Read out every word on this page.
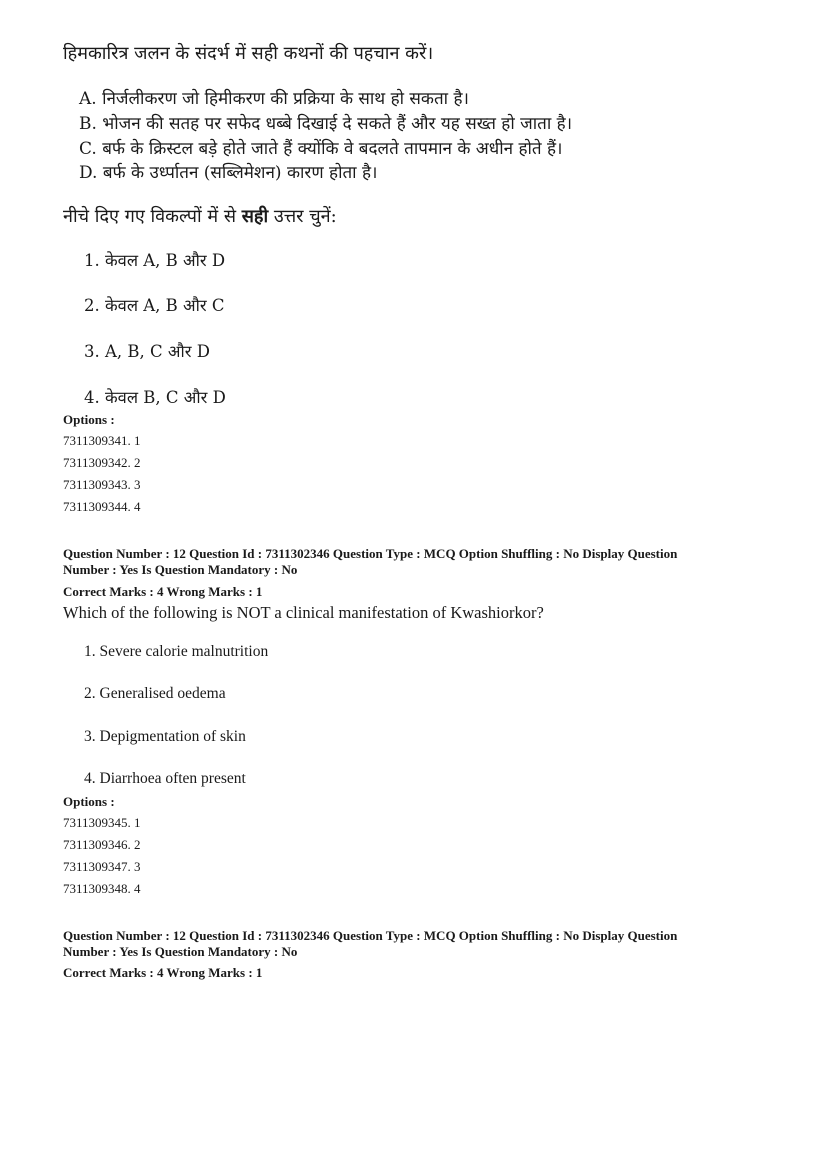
हिमकारित्र जलन के संदर्भ में सही कथनों की पहचान करें।
A. निर्जलीकरण जो हिमीकरण की प्रक्रिया के साथ हो सकता है।
B. भोजन की सतह पर सफेद धब्बे दिखाई दे सकते हैं और यह सख्त हो जाता है।
C. बर्फ के क्रिस्टल बड़े होते जाते हैं क्योंकि वे बदलते तापमान के अधीन होते हैं।
D. बर्फ के उर्ध्पातन (सब्लिमेशन) कारण होता है।
नीचे दिए गए विकल्पों में से सही उत्तर चुनें:
1. केवल A, B और D
2. केवल A, B और C
3. A, B, C और D
4. केवल B, C और D
Options :
7311309341. 1
7311309342. 2
7311309343. 3
7311309344. 4
Question Number : 12 Question Id : 7311302346 Question Type : MCQ Option Shuffling : No Display Question
Number : Yes Is Question Mandatory : No
Correct Marks : 4 Wrong Marks : 1
Which of the following is NOT a clinical manifestation of Kwashiorkor?
1. Severe calorie malnutrition
2. Generalised oedema
3. Depigmentation of skin
4. Diarrhoea often present
Options :
7311309345. 1
7311309346. 2
7311309347. 3
7311309348. 4
Question Number : 12 Question Id : 7311302346 Question Type : MCQ Option Shuffling : No Display Question
Number : Yes Is Question Mandatory : No
Correct Marks : 4 Wrong Marks : 1
